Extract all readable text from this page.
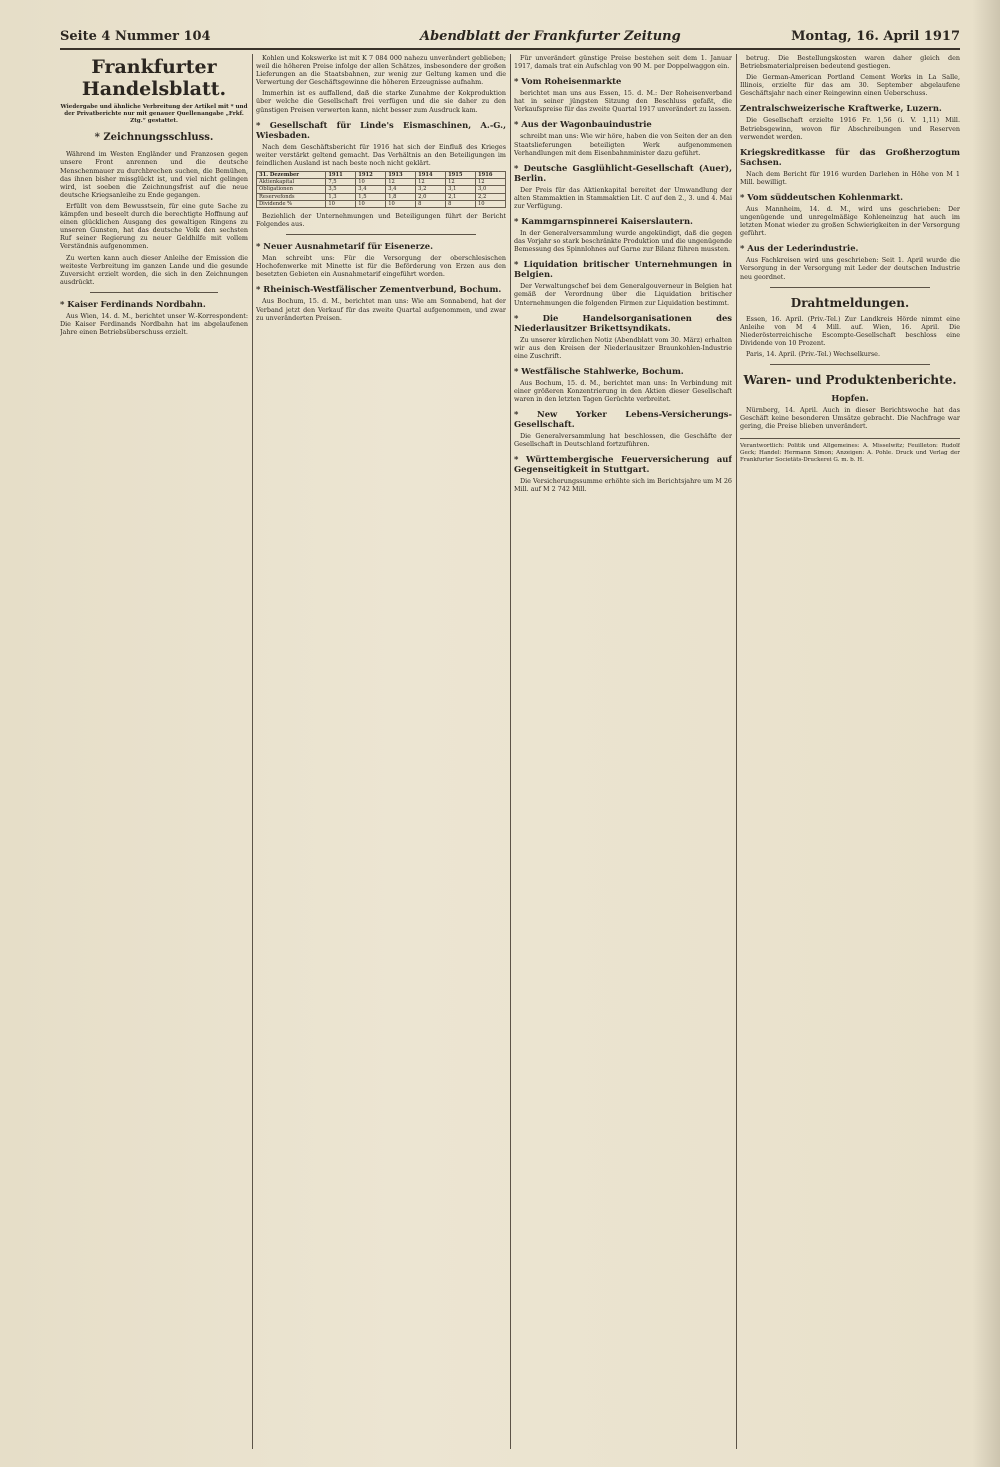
Seite 4 Nummer 104	Abendblatt der Frankfurter Zeitung	Montag, 16. April 1917
Frankfurter Handelsblatt.
Wiedergabe und ähnliche Verbreitung der Artikel mit * und der Privatberichte nur mit genauer Quellenangabe „Frkf. Ztg.“ gestattet.
* Zeichnungsschluss.

Während im Westen Engländer und Franzosen gegen unsere Front anrennen und die deutsche Menschenmauer zu durchbrechen suchen, die Bemühen, das ihnen bisher missglückt ist, und viel nicht gelingen wird, ist soeben die Zeichnungsfrist auf die neue deutsche Kriegsanleihe zu Ende gegangen.

Erfüllt von dem Bewusstsein, für eine gute Sache zu kämpfen und beseelt durch die berechtigte Hoffnung auf einen glücklichen Ausgang des gewaltigen Ringens zu unseren Gunsten, hat das deutsche Volk den sechsten Ruf seiner Regierung zu neuer Geldhilfe mit vollem Verständnis aufgenommen.

Zu werten kann auch dieser Anleihe der Emission die weiteste Verbreitung im ganzen Lande und die gesunde Zuversicht erzielt worden, die sich in den Zeichnungen ausdrückt.

* Kaiser Ferdinands Nordbahn.

Aus Wien, 14. d. M., berichtet unser W.-Korrespondent: Die Kaiser Ferdinands Nordbahn hat im abgelaufenen Jahre einen Betriebsüberschuss erzielt.

Kohlen und Kokswerke ist mit K 7 084 000 nahezu unverändert geblieben; weil die höheren Preise infolge der allen Schätzes, insbesondere der großen Lieferungen an die Staatsbahnen, zur wenig zur Geltung kamen und die Verwertung der Geschäftsgewinne die höheren Erzeugnisse aufnahm.

Immerhin ist es auffallend, daß die starke Zunahme der Kokproduktion über welche die Gesellschaft frei verfügen und die sie daher zu den günstigen Preisen verwerten kann, nicht besser zum Ausdruck kam.

* Gesellschaft für Linde's Eismaschinen, A.-G., Wiesbaden.

Nach dem Geschäftsbericht für 1916 hat sich der Einfluß des Krieges weiter verstärkt geltend gemacht. Das Verhältnis an den Beteiligungen im feindlichen Ausland ist nach beste noch nicht geklärt.

31. Dezember	1911	1912	1913	1914	1915	1916
Aktienkapital	7,5	10	12	12	12	12
Obligationen	3,5	3,4	3,4	3,2	3,1	3,0
Reservefonds	1,3	1,5	1,8	2,0	2,1	2,2
Dividende %	10	10	10	8	8	10

Beziehlich der Unternehmungen und Beteiligungen führt der Bericht Folgendes aus.

* Neuer Ausnahmetarif für Eisenerze.

Man schreibt uns: Für die Versorgung der oberschlesischen Hochofenwerke mit Minette ist für die Beförderung von Erzen aus den besetzten Gebieten ein Ausnahmetarif eingeführt worden.

* Rheinisch-Westfälischer Zementverbund, Bochum.

Aus Bochum, 15. d. M., berichtet man uns: Wie am Sonnabend, hat der Verband jetzt den Verkauf für das zweite Quartal aufgenommen, und zwar zu unveränderten Preisen.

Für unverändert günstige Preise bestehen seit dem 1. Januar 1917, damals trat ein Aufschlag von 90 M. per Doppelwaggon ein.

* Vom Roheisenmarkte

berichtet man uns aus Essen, 15. d. M.: Der Roheisenverband hat in seiner jüngsten Sitzung den Beschluss gefaßt, die Verkaufspreise für das zweite Quartal 1917 unverändert zu lassen.

* Aus der Wagonbauindustrie

schreibt man uns: Wie wir höre, haben die von Seiten der an den Staatslieferungen beteiligten Werk aufgenommenen Verhandlungen mit dem Eisenbahnminister dazu geführt.

* Deutsche Gasglühlicht-Gesellschaft (Auer), Berlin.

Der Preis für das Aktienkapital bereitet der Umwandlung der alten Stammaktien in Stammaktien Lit. C auf den 2., 3. und 4. Mai zur Verfügung.

* Kammgarnspinnerei Kaiserslautern.

In der Generalversammlung wurde angekündigt, daß die gegen das Vorjahr so stark beschränkte Produktion und die ungenügende Bemessung des Spinnlohnes auf Garne zur Bilanz führen mussten.

* Liquidation britischer Unternehmungen in Belgien.

Der Verwaltungschef bei dem Generalgouverneur in Belgien hat gemäß der Verordnung über die Liquidation britischer Unternehmungen die folgenden Firmen zur Liquidation bestimmt.

* Die Handelsorganisationen des Niederlausitzer Brikettsyndikats.

Zu unserer kürzlichen Notiz (Abendblatt vom 30. März) erhalten wir aus den Kreisen der Niederlausitzer Braunkohlen-Industrie eine Zuschrift.

* Westfälische Stahlwerke, Bochum.

Aus Bochum, 15. d. M., berichtet man uns: In Verbindung mit einer größeren Konzentrierung in den Aktien dieser Gesellschaft waren in den letzten Tagen Gerüchte verbreitet.

* New Yorker Lebens-Versicherungs-Gesellschaft.

Die Generalversammlung hat beschlossen, die Geschäfte der Gesellschaft in Deutschland fortzuführen.

* Württembergische Feuerversicherung auf Gegenseitigkeit in Stuttgart.

Die Versicherungssumme erhöhte sich im Berichtsjahre um M 26 Mill. auf M 2 742 Mill.

betrug. Die Bestellungskosten waren daher gleich den Betriebsmaterialpreisen bedeutend gestiegen.

Die German-American Portland Cement Works in La Salle, Illinois, erzielte für das am 30. September abgelaufene Geschäftsjahr nach einer Reingewinn einen Ueberschuss.

Zentralschweizerische Kraftwerke, Luzern.

Die Gesellschaft erzielte 1916 Fr. 1,56 (i. V. 1,11) Mill. Betriebsgewinn, wovon für Abschreibungen und Reserven verwendet werden.

Kriegskreditkasse für das Großherzogtum Sachsen.

Nach dem Bericht für 1916 wurden Darlehen in Höhe von M 1 Mill. bewilligt.

* Vom süddeutschen Kohlenmarkt.

Aus Mannheim, 14. d. M., wird uns geschrieben: Der ungenügende und unregelmäßige Kohleneinzug hat auch im letzten Monat wieder zu großen Schwierigkeiten in der Versorgung geführt.

* Aus der Lederindustrie.

Aus Fachkreisen wird uns geschrieben: Seit 1. April wurde die Versorgung in der Versorgung mit Leder der deutschen Industrie neu geordnet.

Drahtmeldungen.

Essen, 16. April. (Priv.-Tel.) Zur Landkreis Hörde nimmt eine Anleihe von M 4 Mill. auf. Wien, 16. April. Die Niederösterreichische Escompte-Gesellschaft beschloss eine Dividende von 10 Prozent.

Paris, 14. April. (Priv.-Tel.) Wechselkurse.

Waren- und Produktenberichte.
Hopfen.

Nürnberg, 14. April. Auch in dieser Berichtswoche hat das Geschäft keine besonderen Umsätze gebracht. Die Nachfrage war gering, die Preise blieben unverändert.

Verantwortlich: Politik und Allgemeines: A. Misselwitz; Feuilleton: Rudolf Geck; Handel: Hermann Simon; Anzeigen: A. Pohle. Druck und Verlag der Frankfurter Societäts-Druckerei G. m. b. H.
